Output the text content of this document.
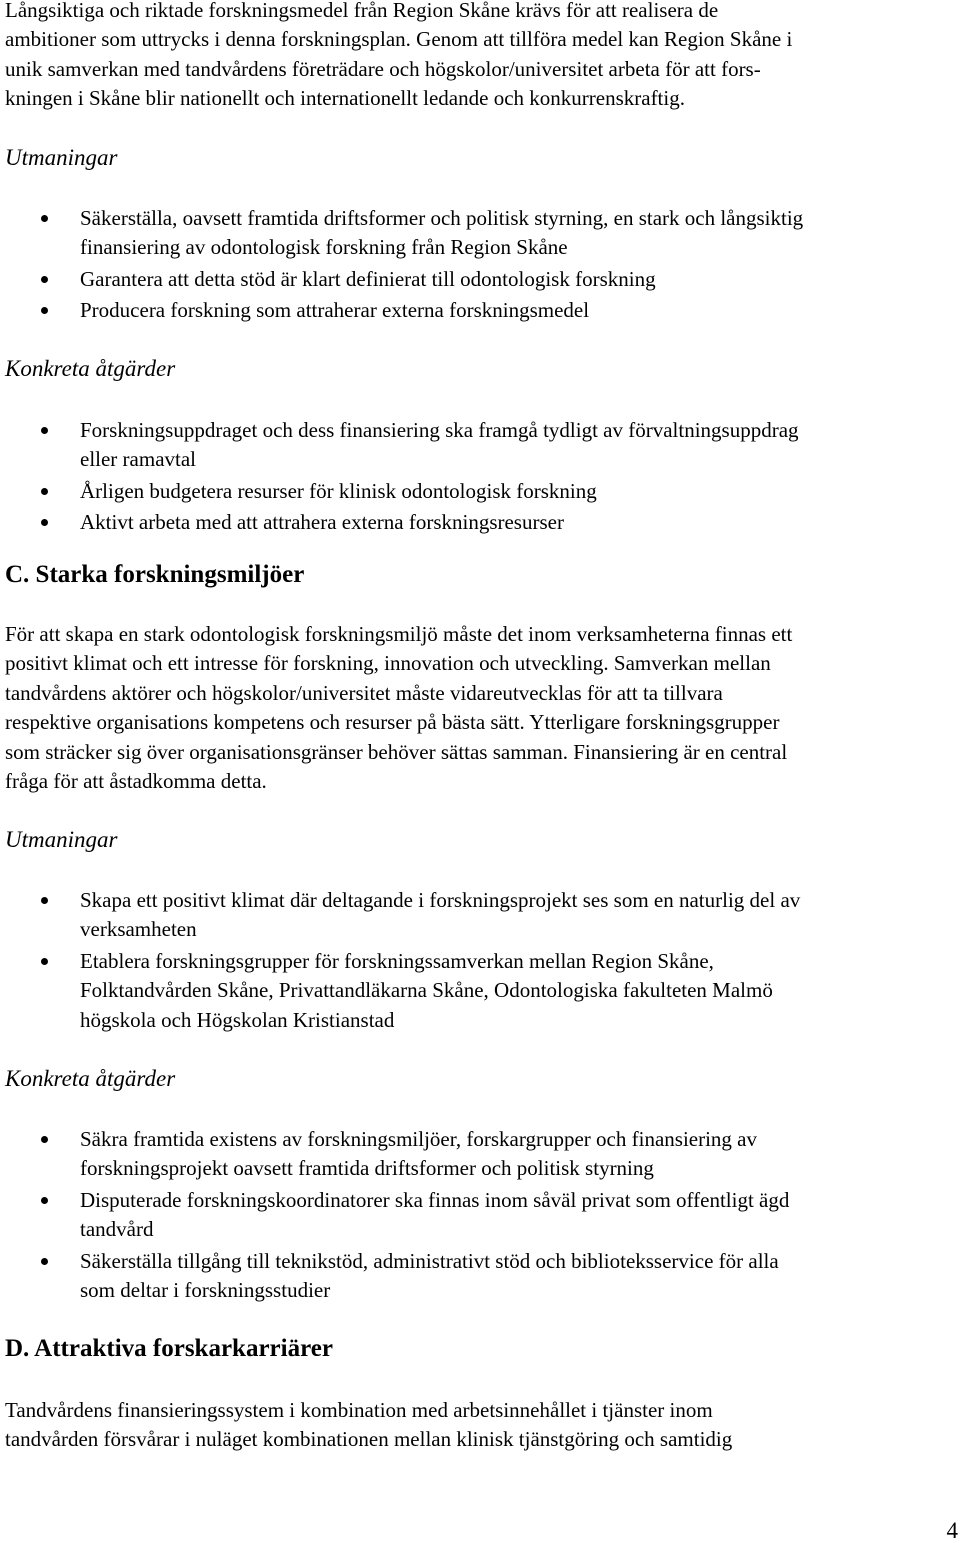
Långsiktiga och riktade forskningsmedel från Region Skåne krävs för att realisera de
ambitioner som uttrycks i denna forskningsplan. Genom att tillföra medel kan Region Skåne i
unik samverkan med tandvårdens företrädare och högskolor/universitet arbeta för att fors-
kningen i Skåne blir nationellt och internationellt ledande och konkurrenskraftig.

Utmaningar
Säkerställa, oavsett framtida driftsformer och politisk styrning, en stark och långsiktig
finansiering av odontologisk forskning från Region Skåne
Garantera att detta stöd är klart definierat till odontologisk forskning
Producera forskning som attraherar externa forskningsmedel
Konkreta åtgärder
Forskningsuppdraget och dess finansiering ska framgå tydligt av förvaltningsuppdrag
eller ramavtal
Årligen budgetera resurser för klinisk odontologisk forskning
Aktivt arbeta med att attrahera externa forskningsresurser
C. Starka forskningsmiljöer

För att skapa en stark odontologisk forskningsmiljö måste det inom verksamheterna finnas ett
positivt klimat och ett intresse för forskning, innovation och utveckling. Samverkan mellan
tandvårdens aktörer och högskolor/universitet måste vidareutvecklas för att ta tillvara
respektive organisations kompetens och resurser på bästa sätt. Ytterligare forskningsgrupper
som sträcker sig över organisationsgränser behöver sättas samman. Finansiering är en central
fråga för att åstadkomma detta.

Utmaningar
Skapa ett positivt klimat där deltagande i forskningsprojekt ses som en naturlig del av
verksamheten
Etablera forskningsgrupper för forskningssamverkan mellan Region Skåne,
Folktandvården Skåne, Privattandläkarna Skåne, Odontologiska fakulteten Malmö
högskola och Högskolan Kristianstad
Konkreta åtgärder
Säkra framtida existens av forskningsmiljöer, forskargrupper och finansiering av
forskningsprojekt oavsett framtida driftsformer och politisk styrning
Disputerade forskningskoordinatorer ska finnas inom såväl privat som offentligt ägd
tandvård
Säkerställa tillgång till teknikstöd, administrativt stöd och biblioteksservice för alla
som deltar i forskningsstudier
D. Attraktiva forskarkarriärer

Tandvårdens finansieringssystem i kombination med arbetsinnehållet i tjänster inom
tandvården försvårar i nuläget kombinationen mellan klinisk tjänstgöring och samtidig

4
